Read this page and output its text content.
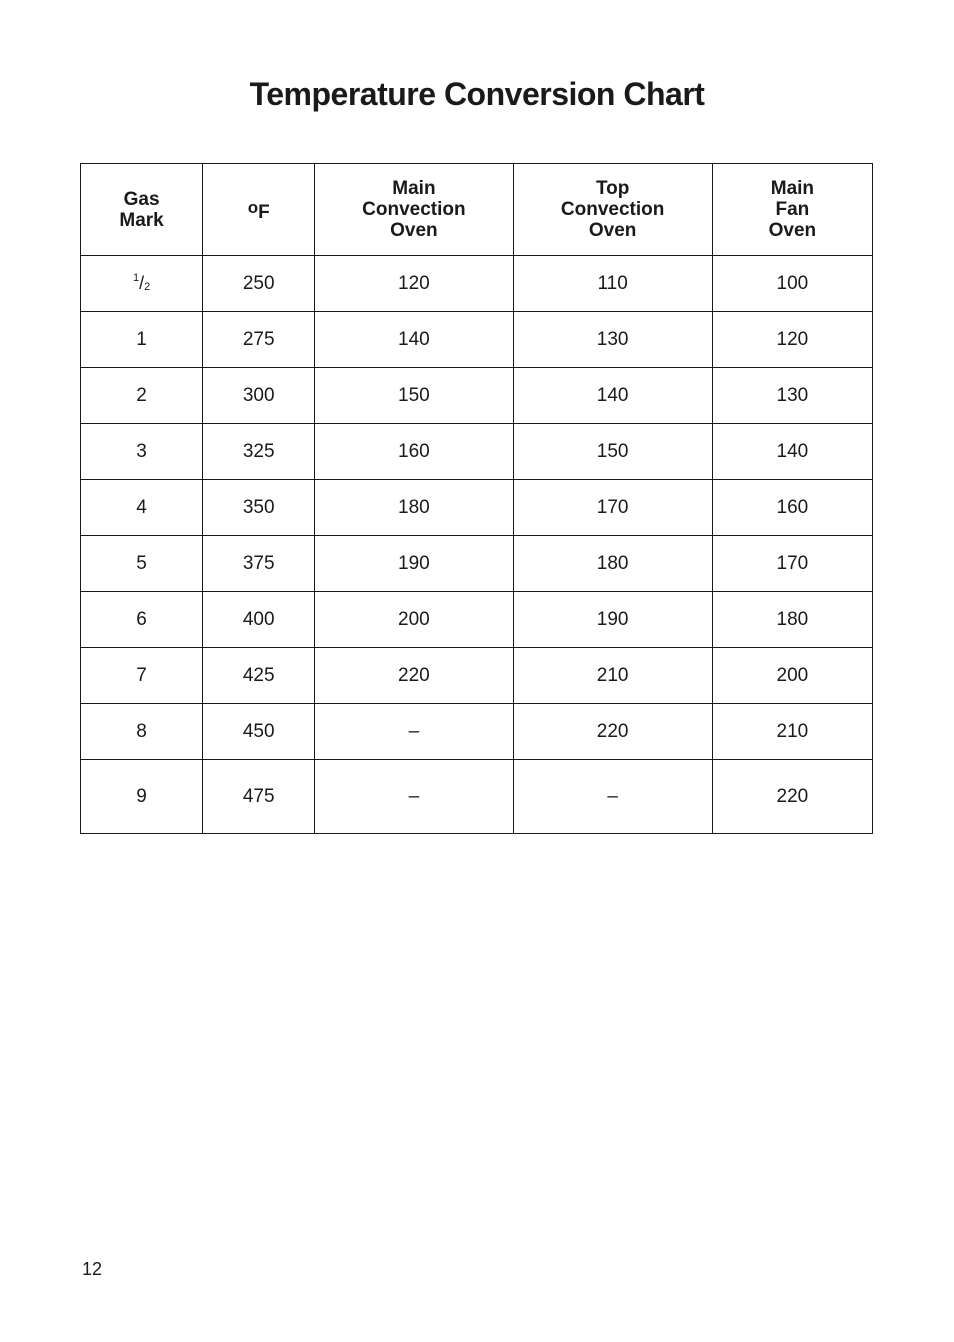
Temperature Conversion Chart
Gas
Mark	oF	Main
Convection
Oven	Top
Convection
Oven	Main
Fan
Oven

$^1$/2	250	120	110	100
1	275	140	130	120
2	300	150	140	130
3	325	160	150	140
4	350	180	170	160
5	375	190	180	170
6	400	200	190	180
7	425	220	210	200
8	450	–	220	210
9	475	–	–	220
12
